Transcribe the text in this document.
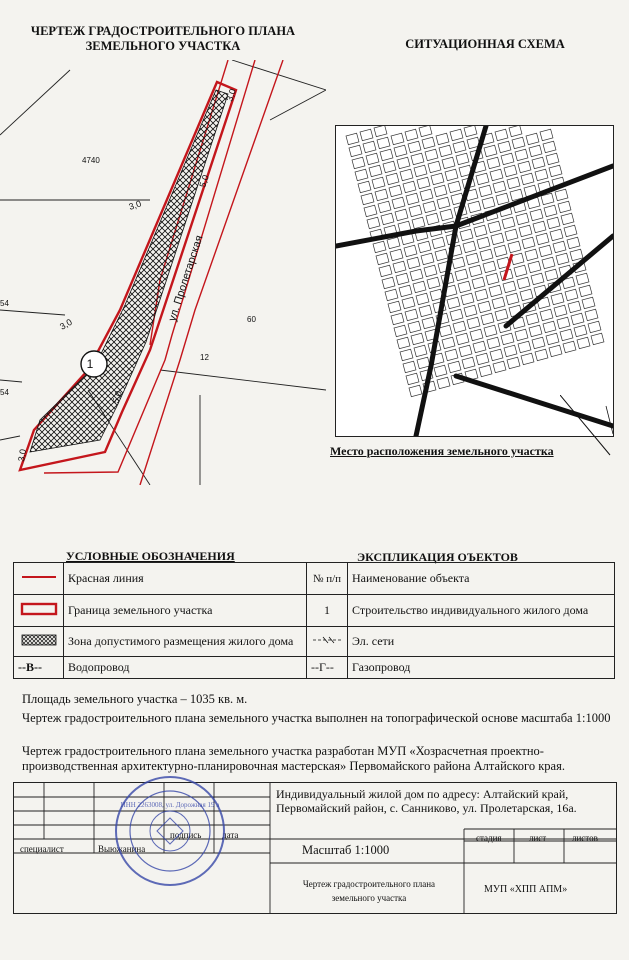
ЧЕРТЕЖ ГРАДОСТРОИТЕЛЬНОГО ПЛАНА
ЗЕМЕЛЬНОГО УЧАСТКА	СИТУАЦИОННАЯ СХЕМА
4740
60
12
54
54
1
ул. Пролетарская
3,0
5,0
3,0
3,0
5,0
3,0	Место расположения земельного участка
УСЛОВНЫЕ ОБОЗНАЧЕНИЯ	ЭКСПЛИКАЦИЯ ОЪЕКТОВ
	Красная линия	№ п/п	Наименование объекта
	Граница земельного участка	1	Строительство индивидуального жилого дома
	Зона допустимого размещения жилого дома		Эл. сети
--В--	Водопровод	--Г--	Газопровод
Площадь земельного участка – 1035 кв. м.
Чертеж градостроительного плана земельного участка выполнен на топографической основе масштаба 1:1000
Чертеж градостроительного плана земельного участка разработан МУП «Хозрасчетная проектно-производственная архитектурно-планировочная мастерская» Первомайского района Алтайского края.
Индивидуальный жилой дом по адресу: Алтайский край, Первомайский район, с. Санниково, ул. Пролетарская, 16а.
Масштаб 1:1000
стадия	лист	листов
специалист	Выюжанина
подпись дата
Чертеж градостроительного плана земельного участка
МУП «ХПП АПМ»
ИНН 2263008, ул. Дорожная 19 а
